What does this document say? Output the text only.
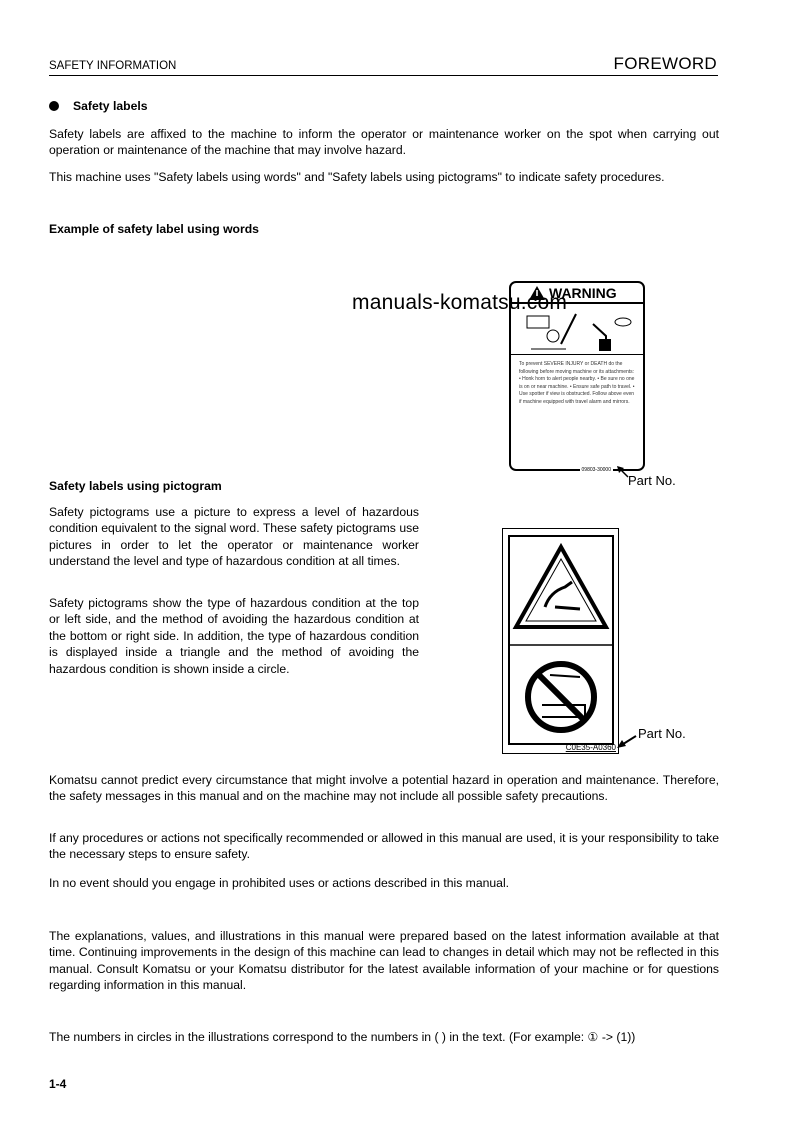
SAFETY INFORMATION	FOREWORD
Safety labels
Safety labels are affixed to the machine to inform the operator or maintenance worker on the spot when carrying out operation or maintenance of the machine that may involve hazard.
This machine uses "Safety labels using words" and "Safety labels using pictograms" to indicate safety procedures.
Example of safety label using words
WARNING
To prevent SEVERE INJURY or DEATH do the following before moving machine or its attachments: • Honk horn to alert people nearby. • Be sure no one is on or near machine. • Ensure safe path to travel. • Use spotter if view is obstructed. Follow above even if machine equipped with travel alarm and mirrors.
09803-30000
manuals-komatsu.com
Part No.
Safety labels using pictogram
Safety pictograms use a picture to express a level of hazardous condition equivalent to the signal word. These safety pictograms use pictures in order to let the operator or maintenance worker understand the level and type of hazardous condition at all times.
Safety pictograms show the type of hazardous condition at the top or left side, and the method of avoiding the hazardous condition at the bottom or right side. In addition, the type of hazardous condition is displayed inside a triangle and the method of avoiding the hazardous condition is shown inside a circle.
C0E35-A0360
Part No.
Komatsu cannot predict every circumstance that might involve a potential hazard in operation and maintenance. Therefore, the safety messages in this manual and on the machine may not include all possible safety precautions.
If any procedures or actions not specifically recommended or allowed in this manual are used, it is your responsibility to take the necessary steps to ensure safety.
In no event should you engage in prohibited uses or actions described in this manual.
The explanations, values, and illustrations in this manual were prepared based on the latest information available at that time. Continuing improvements in the design of this machine can lead to changes in detail which may not be reflected in this manual. Consult Komatsu or your Komatsu distributor for the latest available information of your machine or for questions regarding information in this manual.
The numbers in circles in the illustrations correspond to the numbers in ( ) in the text. (For example: ① -> (1))
1-4
